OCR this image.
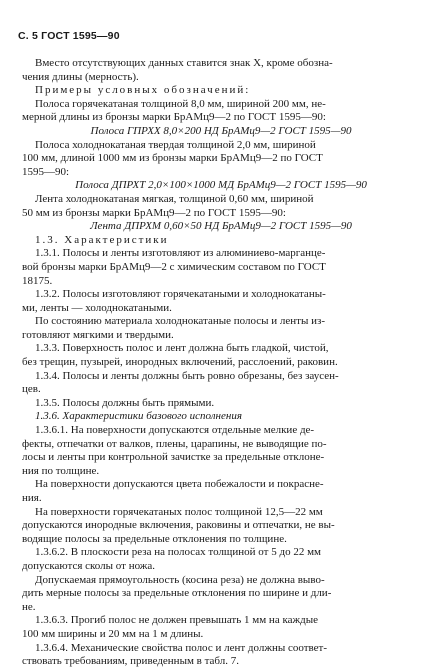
С. 5 ГОСТ 1595—90
Вместо отсутствующих данных ставится знак X, кроме обозна-
чения длины (мерность).
Примеры условных обозначений:
Полоса горячекатаная толщиной 8,0 мм, шириной 200 мм, не-
мерной длины из бронзы марки БрАМц9—2 по ГОСТ 1595—90:
Полоса ГПРХХ 8,0×200 НД БрАМц9—2 ГОСТ 1595—90
Полоса холоднокатаная твердая толщиной 2,0 мм, шириной
100 мм, длиной 1000 мм из бронзы марки БрАМц9—2 по ГОСТ
1595—90:
Полоса ДПРХТ 2,0×100×1000 МД БрАМц9—2 ГОСТ 1595—90
Лента холоднокатаная мягкая, толщиной 0,60 мм, шириной
50 мм из бронзы марки БрАМц9—2 по ГОСТ 1595—90:
Лента ДПРХМ 0,60×50 НД БрАМц9—2 ГОСТ 1595—90
1.3. Характеристики
1.3.1. Полосы и ленты изготовляют из алюминиево-марганце-
вой бронзы марки БрАМц9—2 с химическим составом по ГОСТ
18175.
1.3.2. Полосы изготовляют горячекатаными и холоднокатаны-
ми, ленты — холоднокатаными.
По состоянию материала холоднокатаные полосы и ленты из-
готовляют мягкими и твердыми.
1.3.3. Поверхность полос и лент должна быть гладкой, чистой,
без трещин, пузырей, инородных включений, расслоений, раковин.
1.3.4. Полосы и ленты должны быть ровно обрезаны, без заусен-
цев.
1.3.5. Полосы должны быть прямыми.
1.3.6. Характеристики базового исполнения
1.3.6.1. На поверхности допускаются отдельные мелкие де-
фекты, отпечатки от валков, плены, царапины, не выводящие по-
лосы и ленты при контрольной зачистке за предельные отклоне-
ния по толщине.
На поверхности допускаются цвета побежалости и покрасне-
ния.
На поверхности горячекатаных полос толщиной 12,5—22 мм
допускаются инородные включения, раковины и отпечатки, не вы-
водящие полосы за предельные отклонения по толщине.
1.3.6.2. В плоскости реза на полосах толщиной от 5 до 22 мм
допускаются сколы от ножа.
Допускаемая прямоугольность (косина реза) не должна выво-
дить мерные полосы за предельные отклонения по ширине и дли-
не.
1.3.6.3. Прогиб полос не должен превышать 1 мм на каждые
100 мм ширины и 20 мм на 1 м длины.
1.3.6.4. Механические свойства полос и лент должны соответ-
ствовать требованиям, приведенным в табл. 7.
